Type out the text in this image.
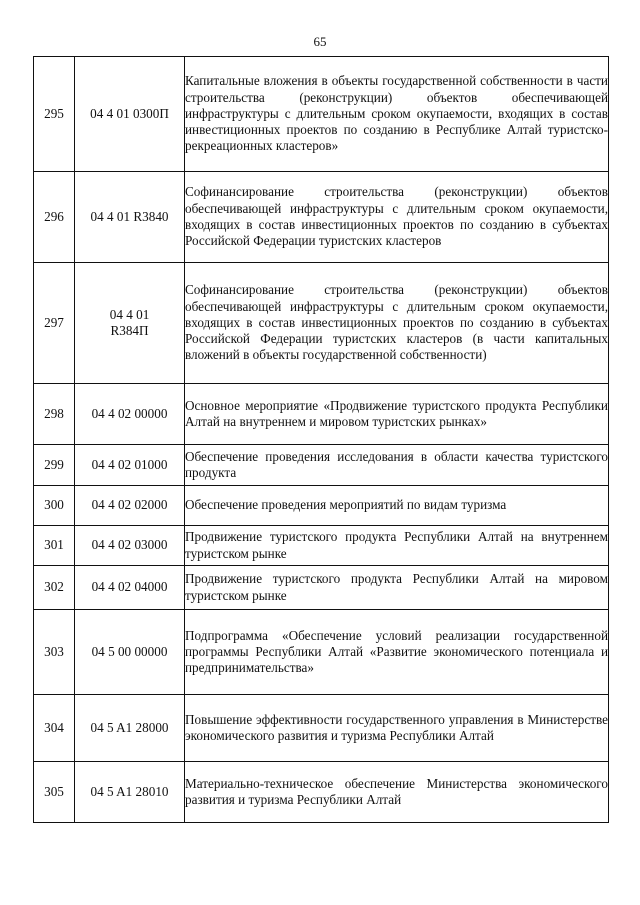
65
295	04 4 01 0300П	Капитальные вложения в объекты государственной собственности в части строительства (реконструкции) объектов обеспечивающей инфраструктуры с длительным сроком окупаемости, входящих в состав инвестиционных проектов по созданию в Республике Алтай туристско-рекреационных кластеров»
296	04 4 01 R3840	Софинансирование строительства (реконструкции) объектов обеспечивающей инфраструктуры с длительным сроком окупаемости, входящих в состав инвестиционных проектов по созданию в субъектах Российской Федерации туристских кластеров
297	04 4 01 R384П	Софинансирование строительства (реконструкции) объектов обеспечивающей инфраструктуры с длительным сроком окупаемости, входящих в состав инвестиционных проектов по созданию в субъектах Российской Федерации туристских кластеров (в части капитальных вложений в объекты государственной собственности)
298	04 4 02 00000	Основное мероприятие «Продвижение туристского продукта Республики Алтай на внутреннем и мировом туристских рынках»
299	04 4 02 01000	Обеспечение проведения исследования в области качества туристского продукта
300	04 4 02 02000	Обеспечение проведения мероприятий по видам туризма
301	04 4 02 03000	Продвижение туристского продукта Республики Алтай на внутреннем туристском рынке
302	04 4 02 04000	Продвижение туристского продукта Республики Алтай на мировом туристском рынке
303	04 5 00 00000	Подпрограмма «Обеспечение условий реализации государственной программы Республики Алтай «Развитие экономического потенциала и предпринимательства»
304	04 5 A1 28000	Повышение эффективности государственного управления в Министерстве экономического развития и туризма Республики Алтай
305	04 5 A1 28010	Материально-техническое обеспечение Министерства экономического развития и туризма Республики Алтай
